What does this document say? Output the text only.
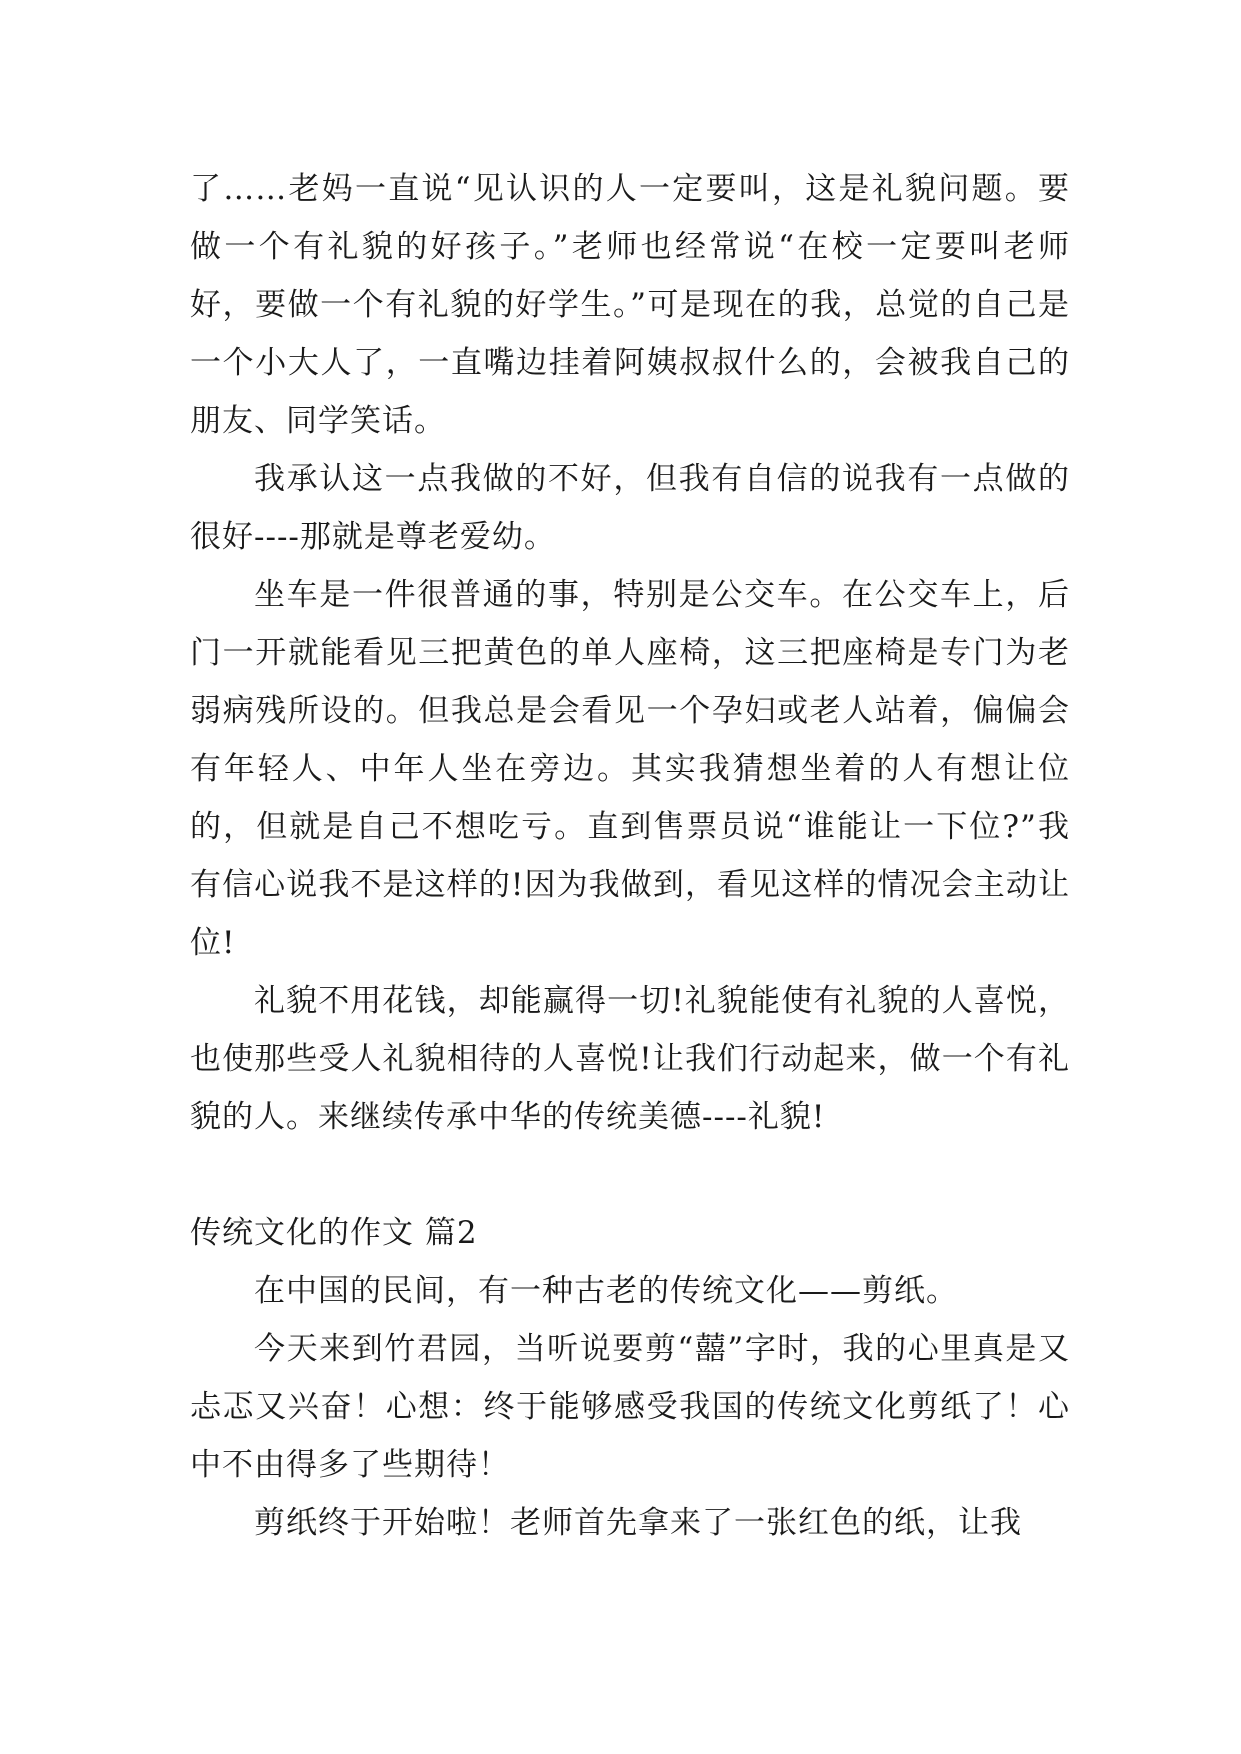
了……老妈一直说“见认识的人一定要叫，这是礼貌问题。要做一个有礼貌的好孩子。”老师也经常说“在校一定要叫老师好，要做一个有礼貌的好学生。”可是现在的我，总觉的自己是一个小大人了，一直嘴边挂着阿姨叔叔什么的，会被我自己的朋友、同学笑话。

我承认这一点我做的不好，但我有自信的说我有一点做的很好----那就是尊老爱幼。

坐车是一件很普通的事，特别是公交车。在公交车上，后门一开就能看见三把黄色的单人座椅，这三把座椅是专门为老弱病残所设的。但我总是会看见一个孕妇或老人站着，偏偏会有年轻人、中年人坐在旁边。其实我猜想坐着的人有想让位的，但就是自己不想吃亏。直到售票员说“谁能让一下位?”我有信心说我不是这样的!因为我做到，看见这样的情况会主动让位!

礼貌不用花钱，却能赢得一切!礼貌能使有礼貌的人喜悦，也使那些受人礼貌相待的人喜悦!让我们行动起来，做一个有礼貌的人。来继续传承中华的传统美德----礼貌!

传统文化的作文 篇2

在中国的民间，有一种古老的传统文化——剪纸。

今天来到竹君园，当听说要剪“囍”字时，我的心里真是又忐忑又兴奋！心想：终于能够感受我国的传统文化剪纸了！心中不由得多了些期待！

剪纸终于开始啦！老师首先拿来了一张红色的纸，让我
